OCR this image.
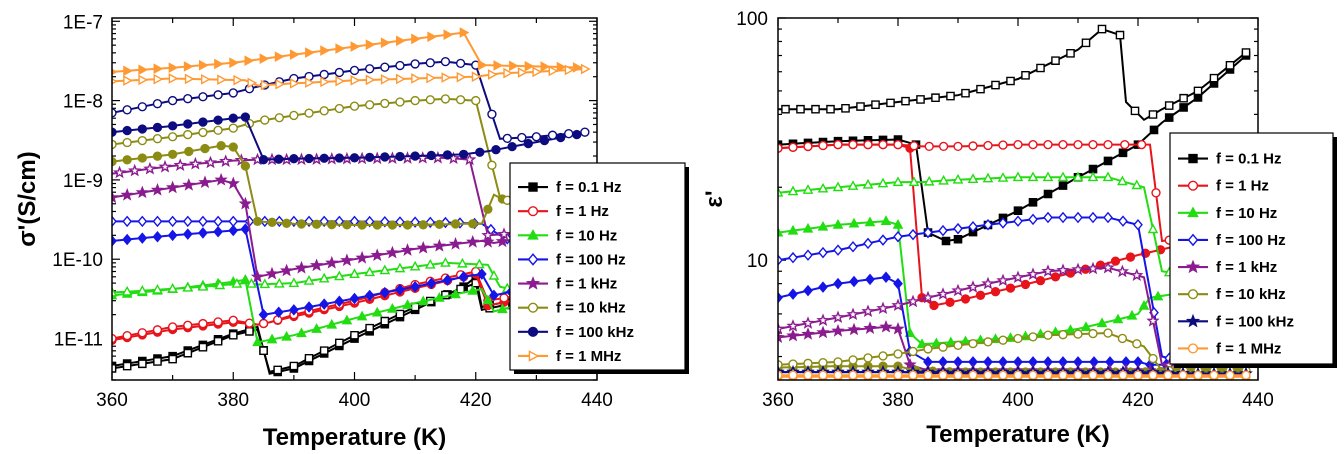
360	380	400	420	440
1E-7
1E-8
1E-9
1E-10
1E-11
Temperature (K)
σ'(S/cm)	f = 0.1 Hz
f = 1 Hz
f = 10 Hz
f = 100 Hz
f = 1 kHz
f = 10 kHz
f = 100 kHz
f = 1 MHz
360	380	400	420	440
100
10
Temperature (K)
ε'
f = 0.1 Hz
f = 1 Hz
f = 10 Hz
f = 100 Hz
f = 1 kHz
f = 10 kHz
f = 100 kHz
f = 1 MHz
